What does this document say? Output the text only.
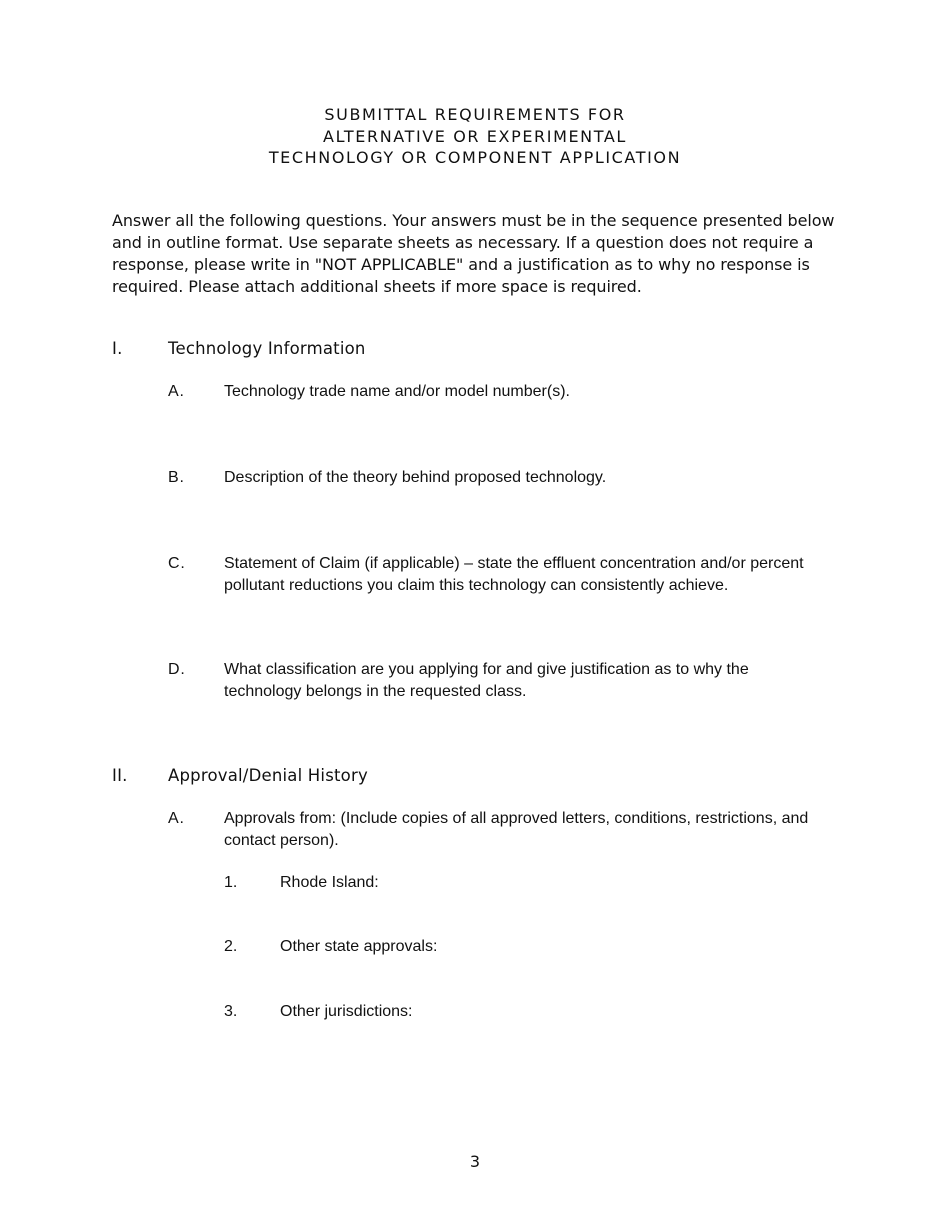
SUBMITTAL REQUIREMENTS FOR
ALTERNATIVE OR EXPERIMENTAL
TECHNOLOGY OR COMPONENT APPLICATION
Answer all the following questions. Your answers must be in the sequence presented below and in outline format. Use separate sheets as necessary. If a question does not require a response, please write in "NOT APPLICABLE" and a justification as to why no response is required. Please attach additional sheets if more space is required.
I.	Technology Information
A. Technology trade name and/or model number(s).
B. Description of the theory behind proposed technology.
C. Statement of Claim (if applicable) – state the effluent concentration and/or percent pollutant reductions you claim this technology can consistently achieve.
D. What classification are you applying for and give justification as to why the technology belongs in the requested class.
II. Approval/Denial History
A. Approvals from: (Include copies of all approved letters, conditions, restrictions, and contact person).
1.	Rhode Island:
2.	Other state approvals:
3.	Other jurisdictions:
3
